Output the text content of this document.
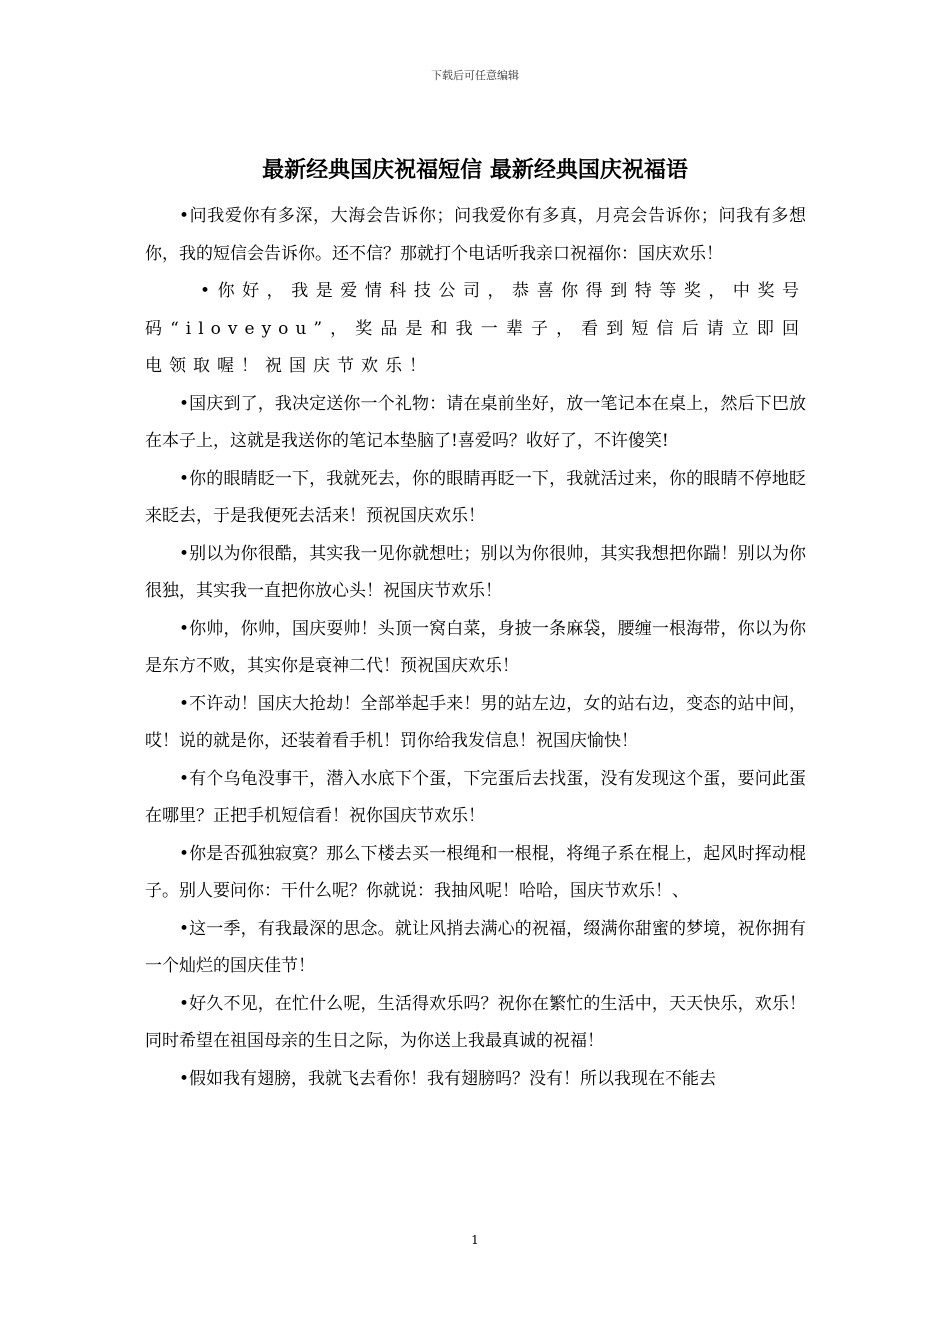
下载后可任意编辑
最新经典国庆祝福短信 最新经典国庆祝福语

•问我爱你有多深，大海会告诉你；问我爱你有多真，月亮会告诉你；问我有多想你，我的短信会告诉你。还不信？那就打个电话听我亲口祝福你：国庆欢乐！

•你好，我是爱情科技公司，恭喜你得到特等奖，中奖号码“iloveyou”，奖品是和我一辈子，看到短信后请立即回电领取喔！祝国庆节欢乐！

•国庆到了，我决定送你一个礼物：请在桌前坐好，放一笔记本在桌上，然后下巴放在本子上，这就是我送你的笔记本垫脑了!喜爱吗？收好了，不许傻笑!

•你的眼睛眨一下，我就死去，你的眼睛再眨一下，我就活过来，你的眼睛不停地眨来眨去，于是我便死去活来！预祝国庆欢乐！

•别以为你很酷，其实我一见你就想吐；别以为你很帅，其实我想把你踹！别以为你很独，其实我一直把你放心头！祝国庆节欢乐！

•你帅，你帅，国庆耍帅！头顶一窝白菜，身披一条麻袋，腰缠一根海带，你以为你是东方不败，其实你是衰神二代！预祝国庆欢乐！

•不许动！国庆大抢劫！全部举起手来！男的站左边，女的站右边，变态的站中间，哎！说的就是你，还装着看手机！罚你给我发信息！祝国庆愉快！

•有个乌龟没事干，潜入水底下个蛋，下完蛋后去找蛋，没有发现这个蛋，要问此蛋在哪里？正把手机短信看！祝你国庆节欢乐！

•你是否孤独寂寞？那么下楼去买一根绳和一根棍，将绳子系在棍上，起风时挥动棍子。别人要问你：干什么呢？你就说：我抽风呢！哈哈，国庆节欢乐！、

•这一季，有我最深的思念。就让风捎去满心的祝福，缀满你甜蜜的梦境，祝你拥有一个灿烂的国庆佳节！

•好久不见，在忙什么呢，生活得欢乐吗？祝你在繁忙的生活中，天天快乐，欢乐！同时希望在祖国母亲的生日之际，为你送上我最真诚的祝福！

•假如我有翅膀，我就飞去看你！我有翅膀吗？没有！所以我现在不能去

1
